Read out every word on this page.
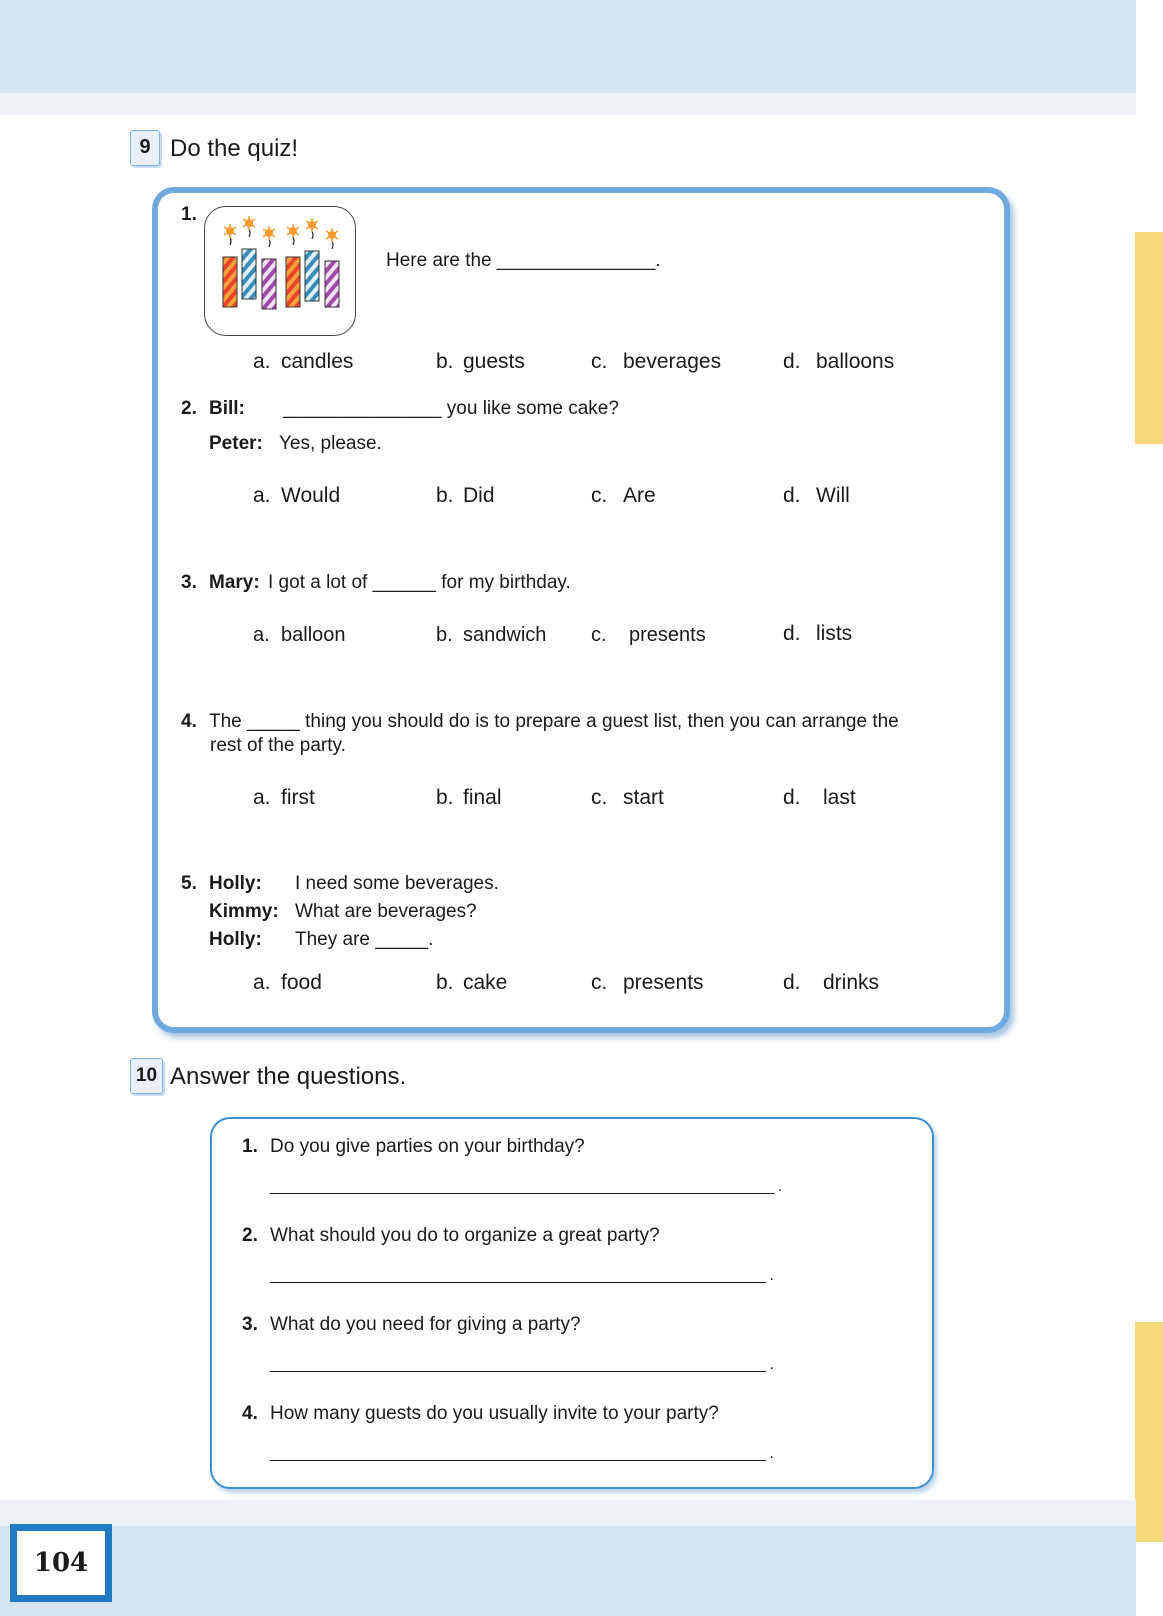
104
9 Do the quiz!
1.
Here are the _______________.
a. candles	b. guests	c. beverages	d. balloons
2. Bill: _______________ you like some cake?
Peter: Yes, please.
a. Would	b. Did	c. Are	d. Will
3. Mary: I got a lot of ______ for my birthday.
a. balloon	b. sandwich c. presents	d. lists
4. The _____ thing you should do is to prepare a guest list, then you can arrange the
rest of the party.
a. first	b. final	c. start	d. last
5. Holly: I need some beverages.
Kimmy: What are beverages?
Holly: They are _____.
a. food	b. cake	c. presents	d. drinks
10 Answer the questions.
1. Do you give parties on your birthday?
____________________________________________________________ .
2. What should you do to organize a great party?
___________________________________________________________ .
3. What do you need for giving a party?
___________________________________________________________ .
4. How many guests do you usually invite to your party?
___________________________________________________________ .
